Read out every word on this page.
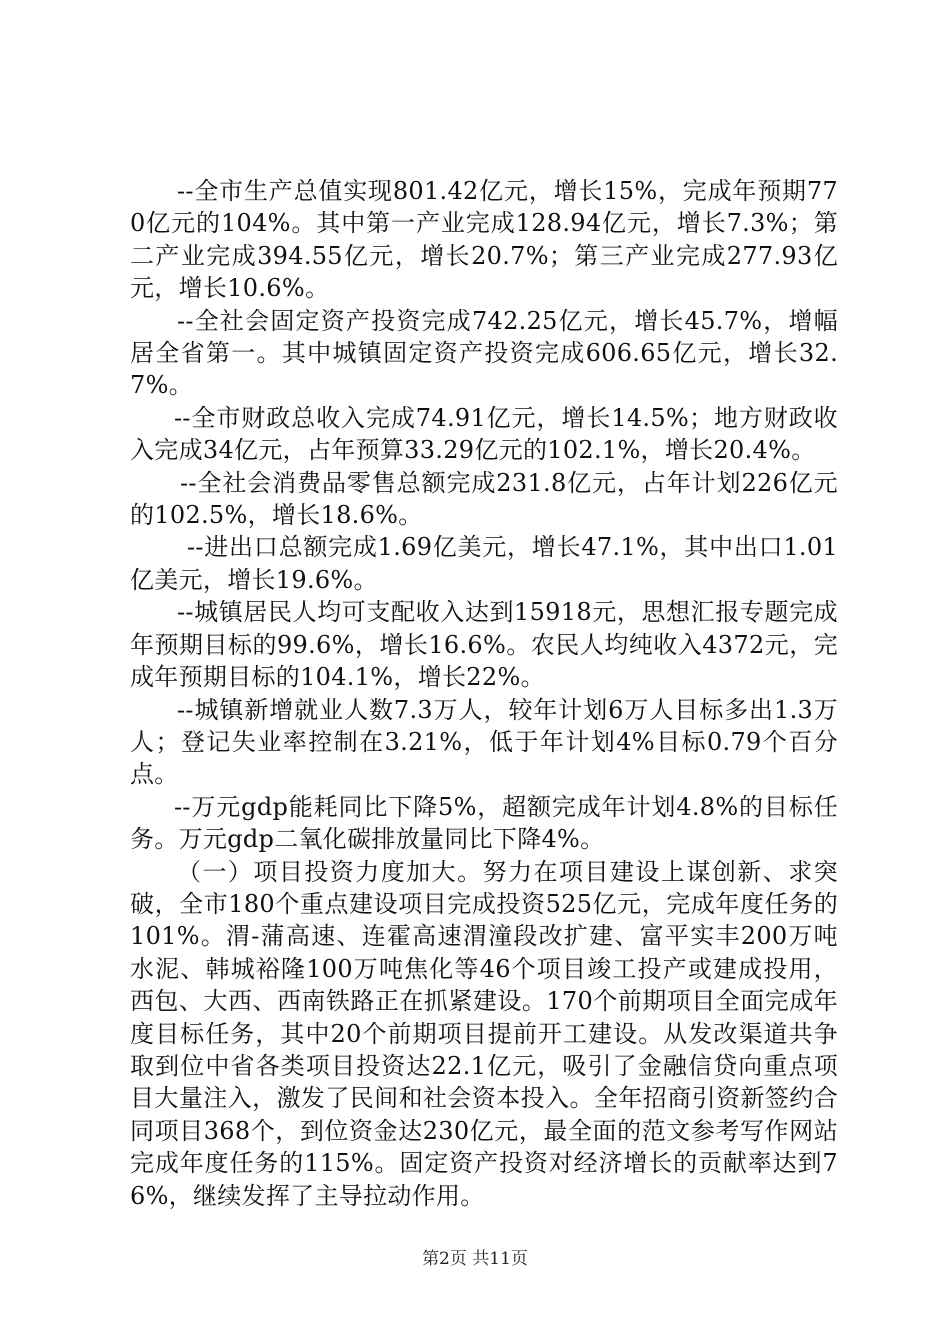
--全市生产总值实现801.42亿元，增长15%，完成年预期770亿元的104%。其中第一产业完成128.94亿元，增长7.3%；第二产业完成394.55亿元，增长20.7%；第三产业完成277.93亿元，增长10.6%。

--全社会固定资产投资完成742.25亿元，增长45.7%，增幅居全省第一。其中城镇固定资产投资完成606.65亿元，增长32.7%。

--全市财政总收入完成74.91亿元，增长14.5%；地方财政收入完成34亿元，占年预算33.29亿元的102.1%，增长20.4%。

--全社会消费品零售总额完成231.8亿元，占年计划226亿元的102.5%，增长18.6%。

--进出口总额完成1.69亿美元，增长47.1%，其中出口1.01亿美元，增长19.6%。

--城镇居民人均可支配收入达到15918元，思想汇报专题完成年预期目标的99.6%，增长16.6%。农民人均纯收入4372元，完成年预期目标的104.1%，增长22%。

--城镇新增就业人数7.3万人，较年计划6万人目标多出1.3万人；登记失业率控制在3.21%，低于年计划4%目标0.79个百分点。

--万元gdp能耗同比下降5%，超额完成年计划4.8%的目标任务。万元gdp二氧化碳排放量同比下降4%。

（一）项目投资力度加大。努力在项目建设上谋创新、求突破，全市180个重点建设项目完成投资525亿元，完成年度任务的101%。渭-蒲高速、连霍高速渭潼段改扩建、富平实丰200万吨水泥、韩城裕隆100万吨焦化等46个项目竣工投产或建成投用，西包、大西、西南铁路正在抓紧建设。170个前期项目全面完成年度目标任务，其中20个前期项目提前开工建设。从发改渠道共争取到位中省各类项目投资达22.1亿元，吸引了金融信贷向重点项目大量注入，激发了民间和社会资本投入。全年招商引资新签约合同项目368个，到位资金达230亿元，最全面的范文参考写作网站完成年度任务的115%。固定资产投资对经济增长的贡献率达到76%，继续发挥了主导拉动作用。

第2页 共11页
